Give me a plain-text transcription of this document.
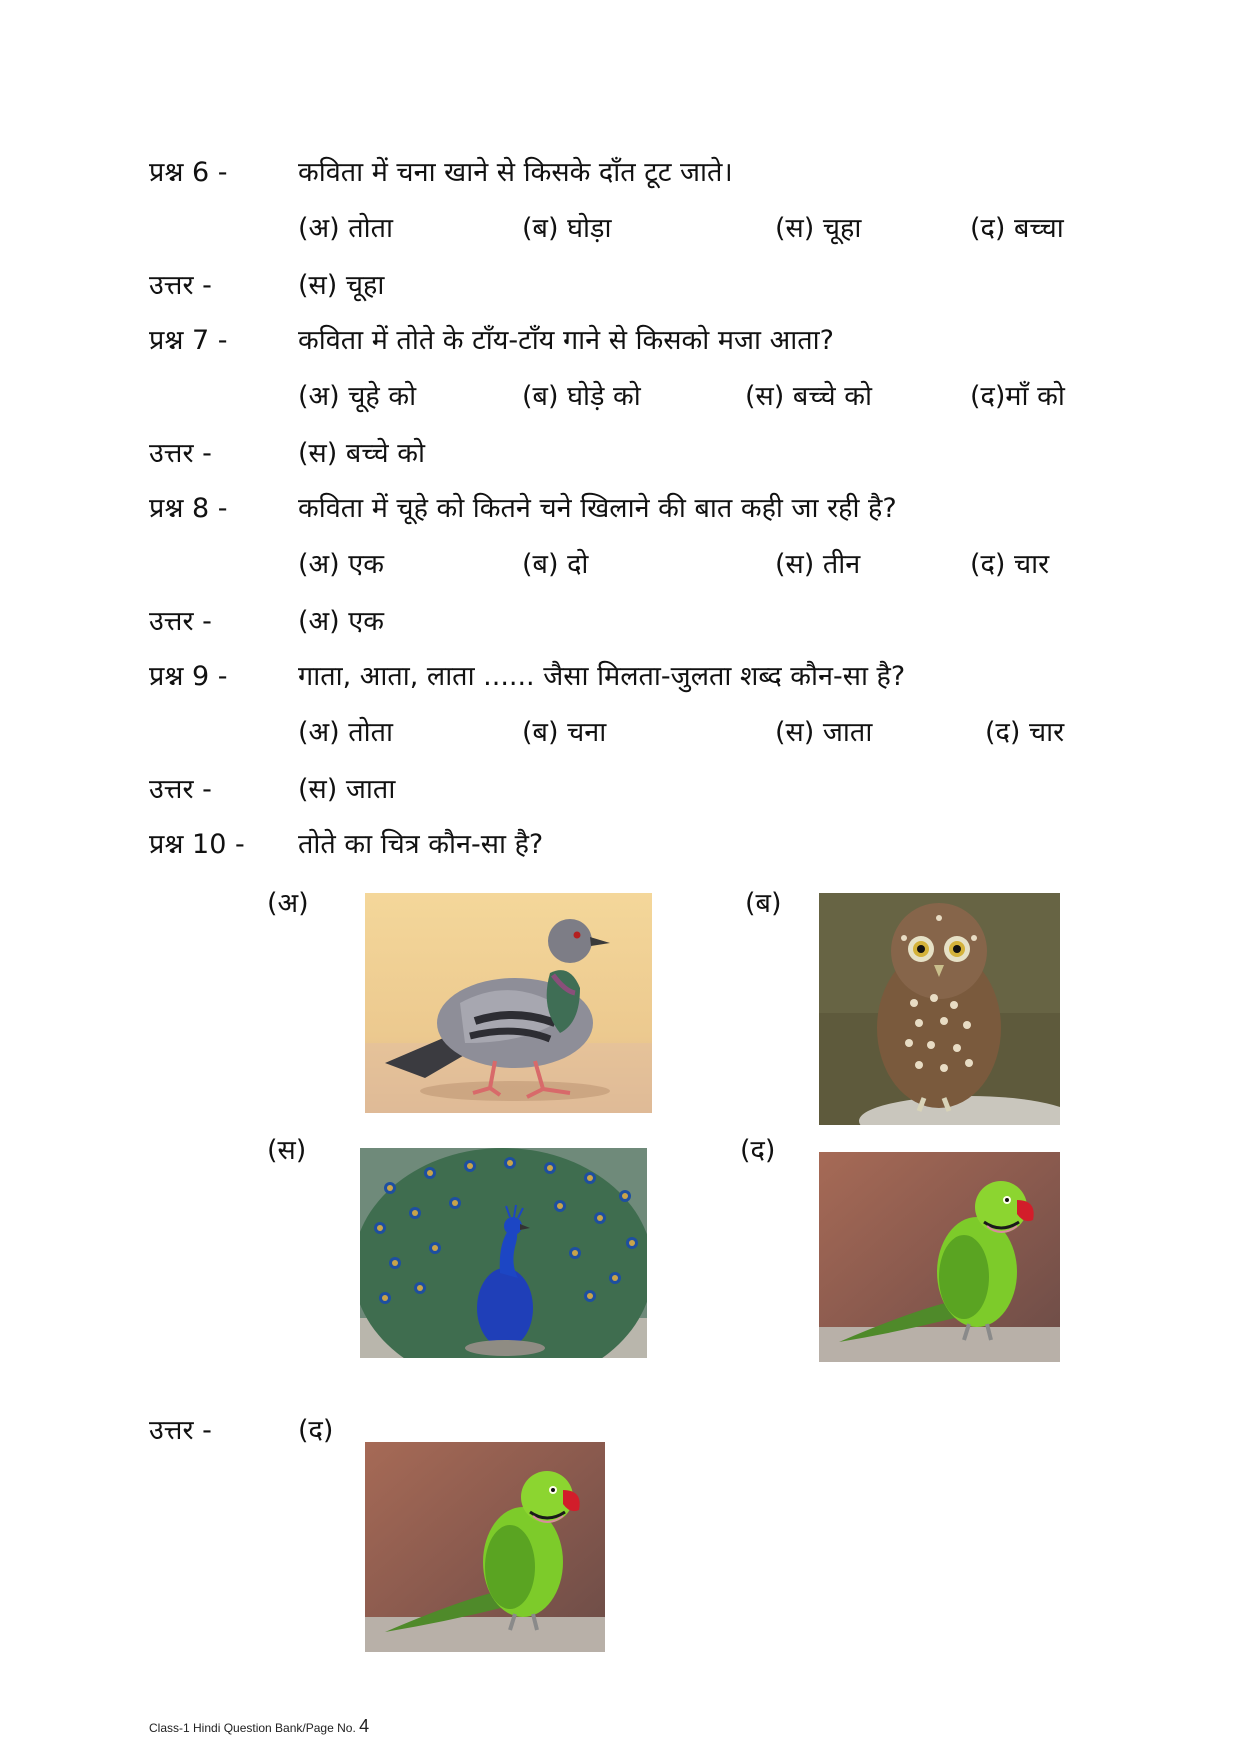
प्रश्न 6 -	कविता में चना खाने से किसके दाँत टूट जाते।
(अ) तोता	(ब) घोड़ा	(स) चूहा	(द) बच्चा
उत्तर -	(स) चूहा
प्रश्न 7 -	कविता में तोते के टाँय-टाँय गाने से किसको मजा आता?
(अ) चूहे को	(ब) घोड़े को	(स) बच्चे को	(द)माँ को
उत्तर -	(स) बच्चे को
प्रश्न 8 -	कविता में चूहे को कितने चने खिलाने की बात कही जा रही है?
(अ) एक	(ब) दो	(स) तीन	(द) चार
उत्तर -	(अ) एक
प्रश्न 9 -	गाता, आता, लाता ...... जैसा मिलता-जुलता शब्द कौन-सा है?
(अ) तोता	(ब) चना	(स) जाता	(द) चार
उत्तर -	(स) जाता
प्रश्न 10 - तोते का चित्र कौन-सा है?
(अ)	(ब)
(स)	(द)
उत्तर -	(द)
Class-1 Hindi Question Bank/Page No. 4
